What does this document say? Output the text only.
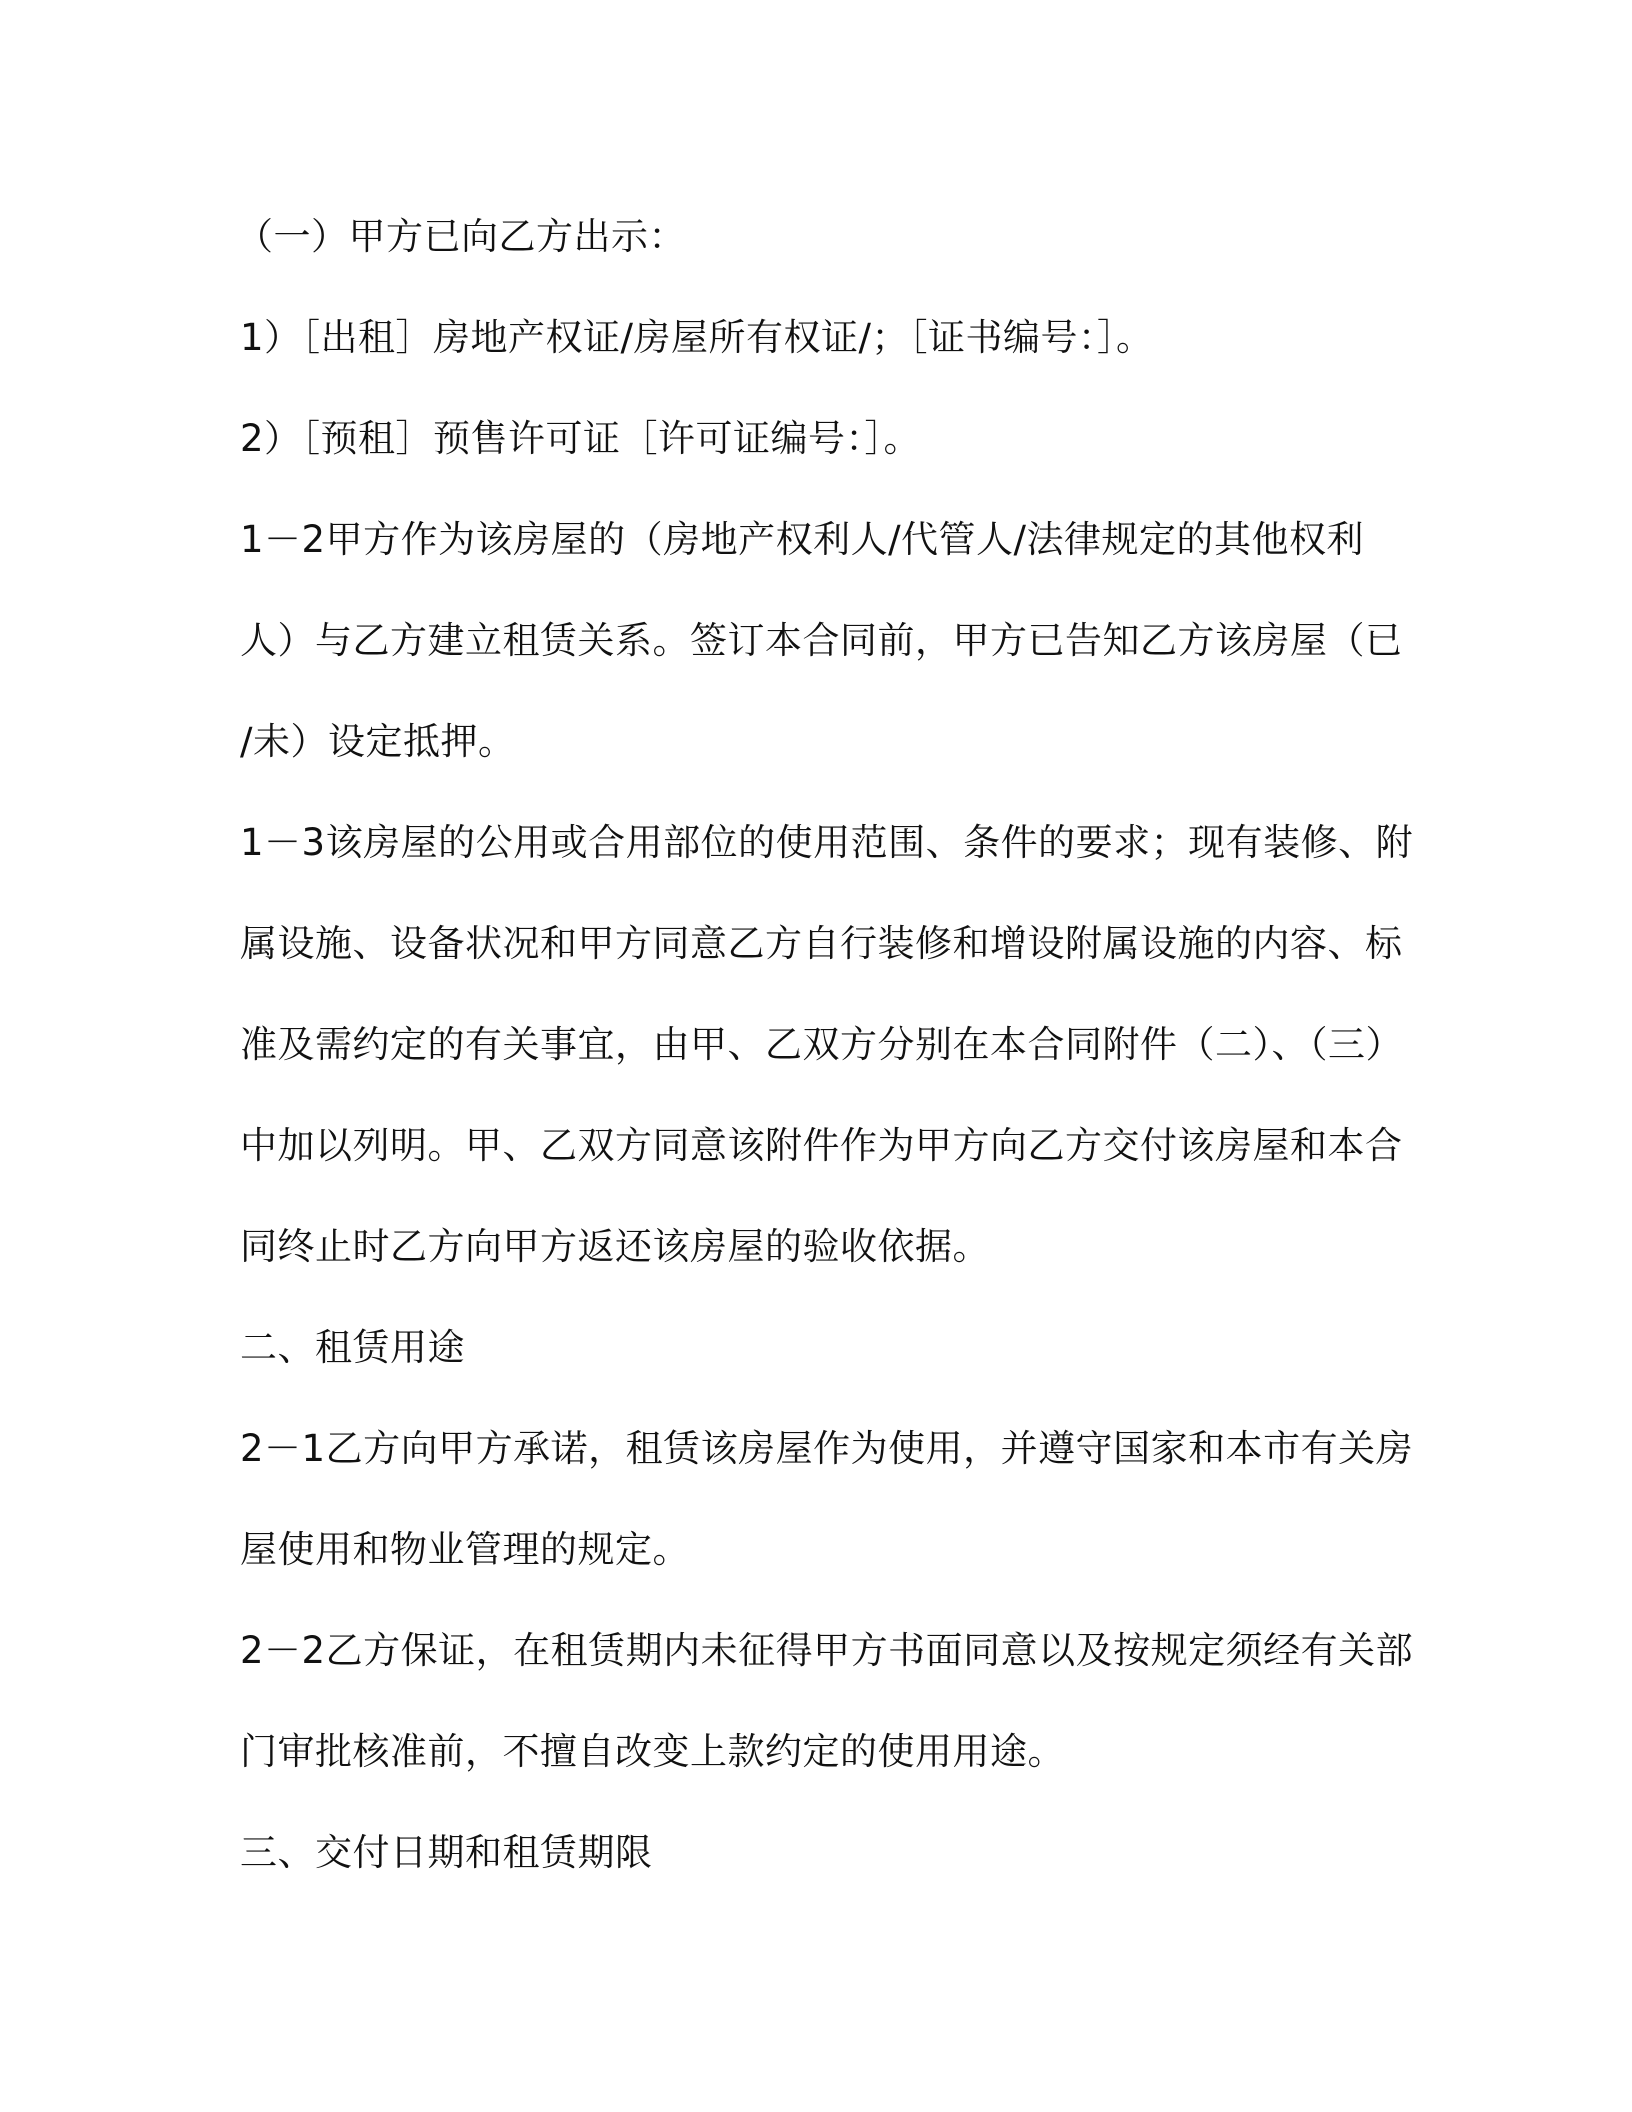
（一）甲方已向乙方出示：
1）［出租］房地产权证/房屋所有权证/；［证书编号：］。
2）［预租］预售许可证［许可证编号：］。
1－2甲方作为该房屋的（房地产权利人/代管人/法律规定的其他权利
人）与乙方建立租赁关系。签订本合同前，甲方已告知乙方该房屋（已
/未）设定抵押。
1－3该房屋的公用或合用部位的使用范围、条件的要求；现有装修、附
属设施、设备状况和甲方同意乙方自行装修和增设附属设施的内容、标
准及需约定的有关事宜，由甲、乙双方分别在本合同附件（二）、（三）
中加以列明。甲、乙双方同意该附件作为甲方向乙方交付该房屋和本合
同终止时乙方向甲方返还该房屋的验收依据。
二、租赁用途
2－1乙方向甲方承诺，租赁该房屋作为使用，并遵守国家和本市有关房
屋使用和物业管理的规定。
2－2乙方保证，在租赁期内未征得甲方书面同意以及按规定须经有关部
门审批核准前，不擅自改变上款约定的使用用途。
三、交付日期和租赁期限
